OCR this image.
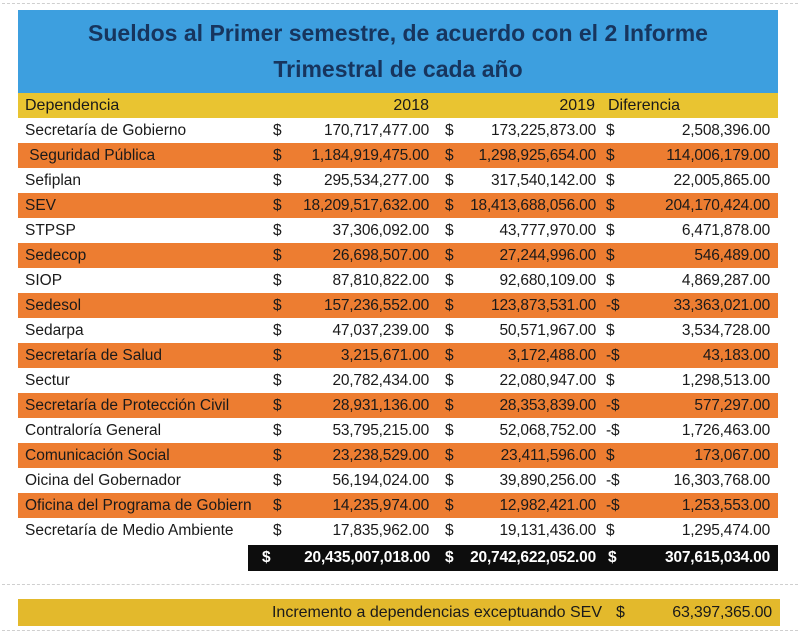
Sueldos al Primer semestre, de acuerdo con el 2 Informe
Trimestral de cada año
Dependencia	2018	2019 Diferencia
Secretaría de Gobierno	$	170,717,477.00 $ 173,225,873.00 $	2,508,396.00
Seguridad Pública	$ 1,184,919,475.00 $ 1,298,925,654.00 $	114,006,179.00
Sefiplan	$	295,534,277.00 $ 317,540,142.00 $	22,005,865.00
SEV	$ 18,209,517,632.00 $ 18,413,688,056.00 $	204,170,424.00
STPSP	$	37,306,092.00 $	43,777,970.00 $	6,471,878.00
Sedecop	$	26,698,507.00 $	27,244,996.00 $	546,489.00
SIOP	$	87,810,822.00 $	92,680,109.00 $	4,869,287.00
Sedesol	$	157,236,552.00 $ 123,873,531.00 -$	33,363,021.00
Sedarpa	$	47,037,239.00 $	50,571,967.00 $	3,534,728.00
Secretaría de Salud	$	3,215,671.00 $	3,172,488.00 -$	43,183.00
Sectur	$	20,782,434.00 $	22,080,947.00 $	1,298,513.00
Secretaría de Protección Civil	$	28,931,136.00 $	28,353,839.00 -$	577,297.00
Contraloría General	$	53,795,215.00 $	52,068,752.00 -$	1,726,463.00
Comunicación Social	$	23,238,529.00 $	23,411,596.00 $	173,067.00
Oicina del Gobernador	$	56,194,024.00 $	39,890,256.00 -$	16,303,768.00
Oficina del Programa de Gobiern	$	14,235,974.00 $	12,982,421.00 -$	1,253,553.00
Secretaría de Medio Ambiente	$	17,835,962.00 $	19,131,436.00 $	1,295,474.00
$ 20,435,007,018.00 $ 20,742,622,052.00 $	307,615,034.00
Incremento a dependencias exceptuando SEV $	63,397,365.00
